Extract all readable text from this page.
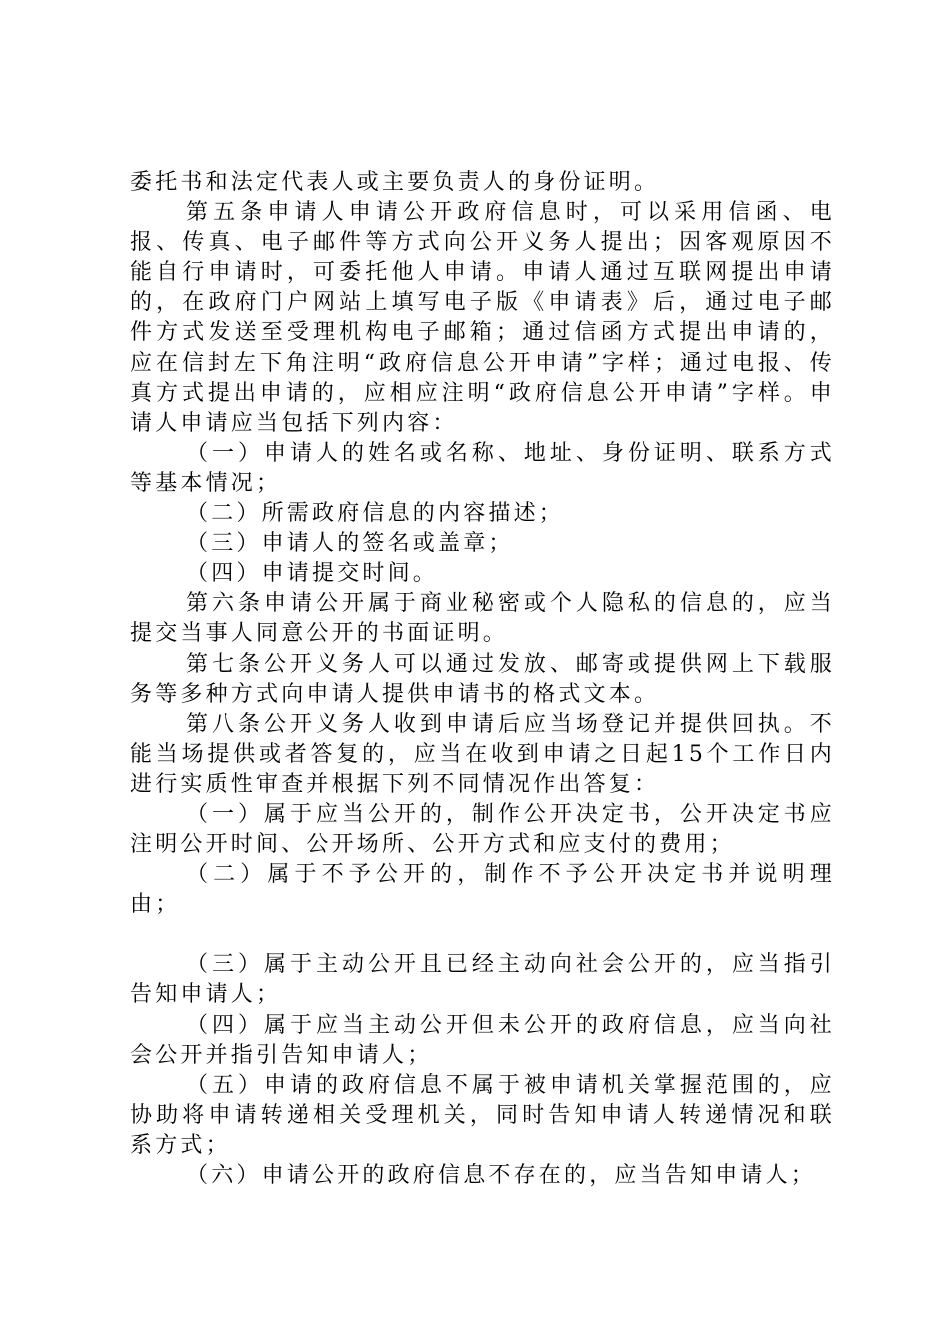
委托书和法定代表人或主要负责人的身份证明。

第五条申请人申请公开政府信息时，可以采用信函、电报、传真、电子邮件等方式向公开义务人提出；因客观原因不能自行申请时，可委托他人申请。申请人通过互联网提出申请的，在政府门户网站上填写电子版《申请表》后，通过电子邮件方式发送至受理机构电子邮箱；通过信函方式提出申请的，应在信封左下角注明“政府信息公开申请”字样；通过电报、传真方式提出申请的，应相应注明“政府信息公开申请”字样。申请人申请应当包括下列内容：

（一）申请人的姓名或名称、地址、身份证明、联系方式等基本情况；

（二）所需政府信息的内容描述；

（三）申请人的签名或盖章；

（四）申请提交时间。

第六条申请公开属于商业秘密或个人隐私的信息的，应当提交当事人同意公开的书面证明。

第七条公开义务人可以通过发放、邮寄或提供网上下载服务等多种方式向申请人提供申请书的格式文本。

第八条公开义务人收到申请后应当场登记并提供回执。不能当场提供或者答复的，应当在收到申请之日起15个工作日内进行实质性审查并根据下列不同情况作出答复：

（一）属于应当公开的，制作公开决定书，公开决定书应注明公开时间、公开场所、公开方式和应支付的费用；

（二）属于不予公开的，制作不予公开决定书并说明理由；

（三）属于主动公开且已经主动向社会公开的，应当指引告知申请人；

（四）属于应当主动公开但未公开的政府信息，应当向社会公开并指引告知申请人；

（五）申请的政府信息不属于被申请机关掌握范围的，应协助将申请转递相关受理机关，同时告知申请人转递情况和联系方式；

（六）申请公开的政府信息不存在的，应当告知申请人；
